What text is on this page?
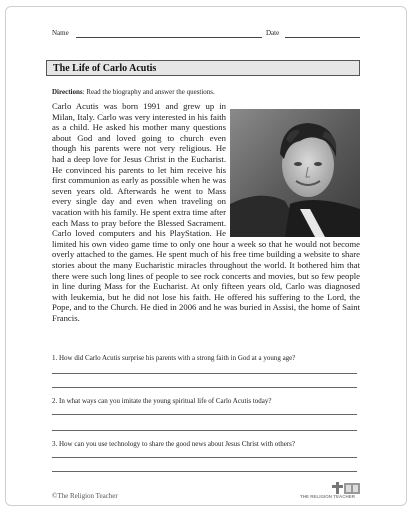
Name	Date
The Life of Carlo Acutis
Directions: Read the biography and answer the questions.

Carlo Acutis was born 1991 and grew up in Milan, Italy. Carlo was very interested in his faith as a child. He asked his mother many questions about God and loved going to church even though his parents were not very religious. He had a deep love for Jesus Christ in the Eucharist. He convinced his parents to let him receive his first communion as early as possible when he was seven years old. Afterwards he went to Mass every single day and even when traveling on vacation with his family. He spent extra time after each Mass to pray before the Blessed Sacrament. Carlo loved computers and his PlayStation. He limited his own video game time to only one hour a week so that he would not become overly attached to the games. He spent much of his free time building a website to share stories about the many Eucharistic miracles throughout the world. It bothered him that there were such long lines of people to see rock concerts and movies, but so few people in line during Mass for the Eucharist. At only fifteen years old, Carlo was diagnosed with leukemia, but he did not lose his faith. He offered his suffering to the Lord, the Pope, and to the Church. He died in 2006 and he was buried in Assisi, the home of Saint Francis.

1. How did Carlo Acutis surprise his parents with a strong faith in God at a young age?
2. In what ways can you imitate the young spiritual life of Carlo Acutis today?
3. How can you use technology to share the good news about Jesus Christ with others?
©The Religion Teacher	THE RELIGION TEACHER
